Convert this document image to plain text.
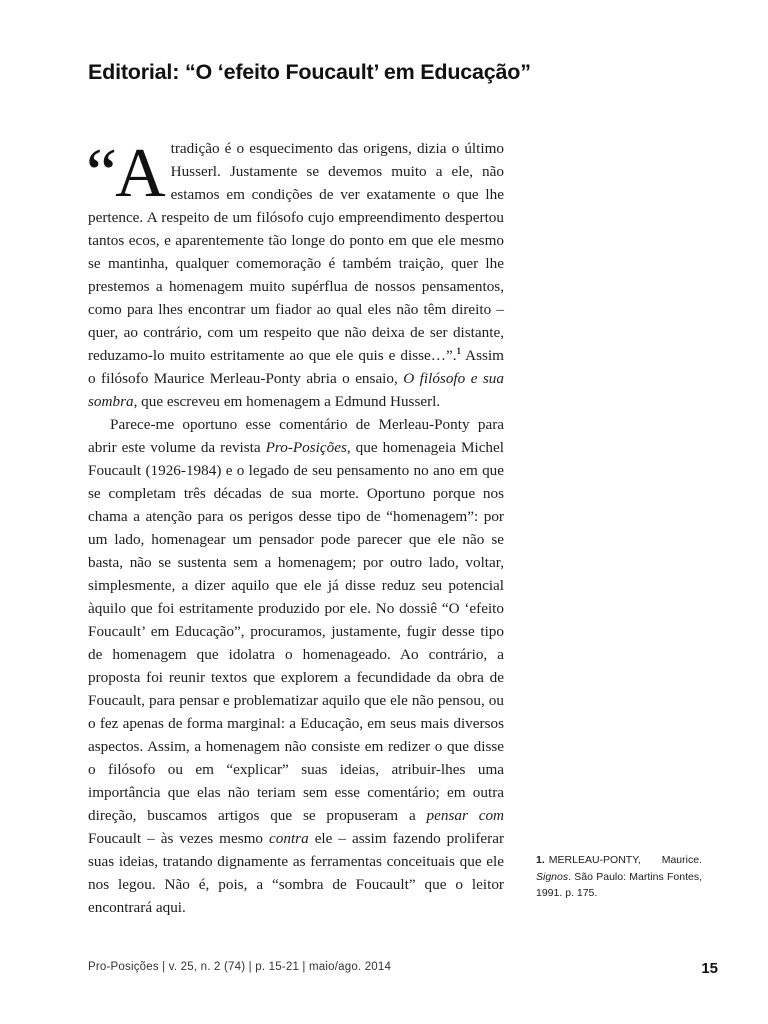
Editorial: “O ‘efeito Foucault’ em Educação”

“Atradição é o esquecimento das origens, dizia o último Husserl. Justamente se devemos muito a ele, não estamos em condições de ver exatamente o que lhe pertence. A respeito de um filósofo cujo empreendimento despertou tantos ecos, e aparentemente tão longe do ponto em que ele mesmo se mantinha, qualquer comemoração é também traição, quer lhe prestemos a homenagem muito supérflua de nossos pensamentos, como para lhes encontrar um fiador ao qual eles não têm direito – quer, ao contrário, com um respeito que não deixa de ser distante, reduzamo-lo muito estritamente ao que ele quis e disse…”.$^1$ Assim o filósofo Maurice Merleau-Ponty abria o ensaio, O filósofo e sua sombra, que escreveu em homenagem a Edmund Husserl.

Parece-me oportuno esse comentário de Merleau-Ponty para abrir este volume da revista Pro-Posições, que homenageia Michel Foucault (1926-1984) e o legado de seu pensamento no ano em que se completam três décadas de sua morte. Oportuno porque nos chama a atenção para os perigos desse tipo de “homenagem”: por um lado, homenagear um pensador pode parecer que ele não se basta, não se sustenta sem a homenagem; por outro lado, voltar, simplesmente, a dizer aquilo que ele já disse reduz seu potencial àquilo que foi estritamente produzido por ele. No dossiê “O ‘efeito Foucault’ em Educação”, procuramos, justamente, fugir desse tipo de homenagem que idolatra o homenageado. Ao contrário, a proposta foi reunir textos que explorem a fecundidade da obra de Foucault, para pensar e problematizar aquilo que ele não pensou, ou o fez apenas de forma marginal: a Educação, em seus mais diversos aspectos. Assim, a homenagem não consiste em redizer o que disse o filósofo ou em “explicar” suas ideias, atribuir-lhes uma importância que elas não teriam sem esse comentário; em outra direção, buscamos artigos que se propuseram a pensar com Foucault – às vezes mesmo contra ele – assim fazendo proliferar suas ideias, tratando dignamente as ferramentas conceituais que ele nos legou. Não é, pois, a “sombra de Foucault” que o leitor encontrará aqui.

1. MERLEAU-PONTY, Maurice. Signos. São Paulo: Martins Fontes, 1991. p. 175.
Pro-Posições | v. 25, n. 2 (74) | p. 15-21 | maio/ago. 2014	15
